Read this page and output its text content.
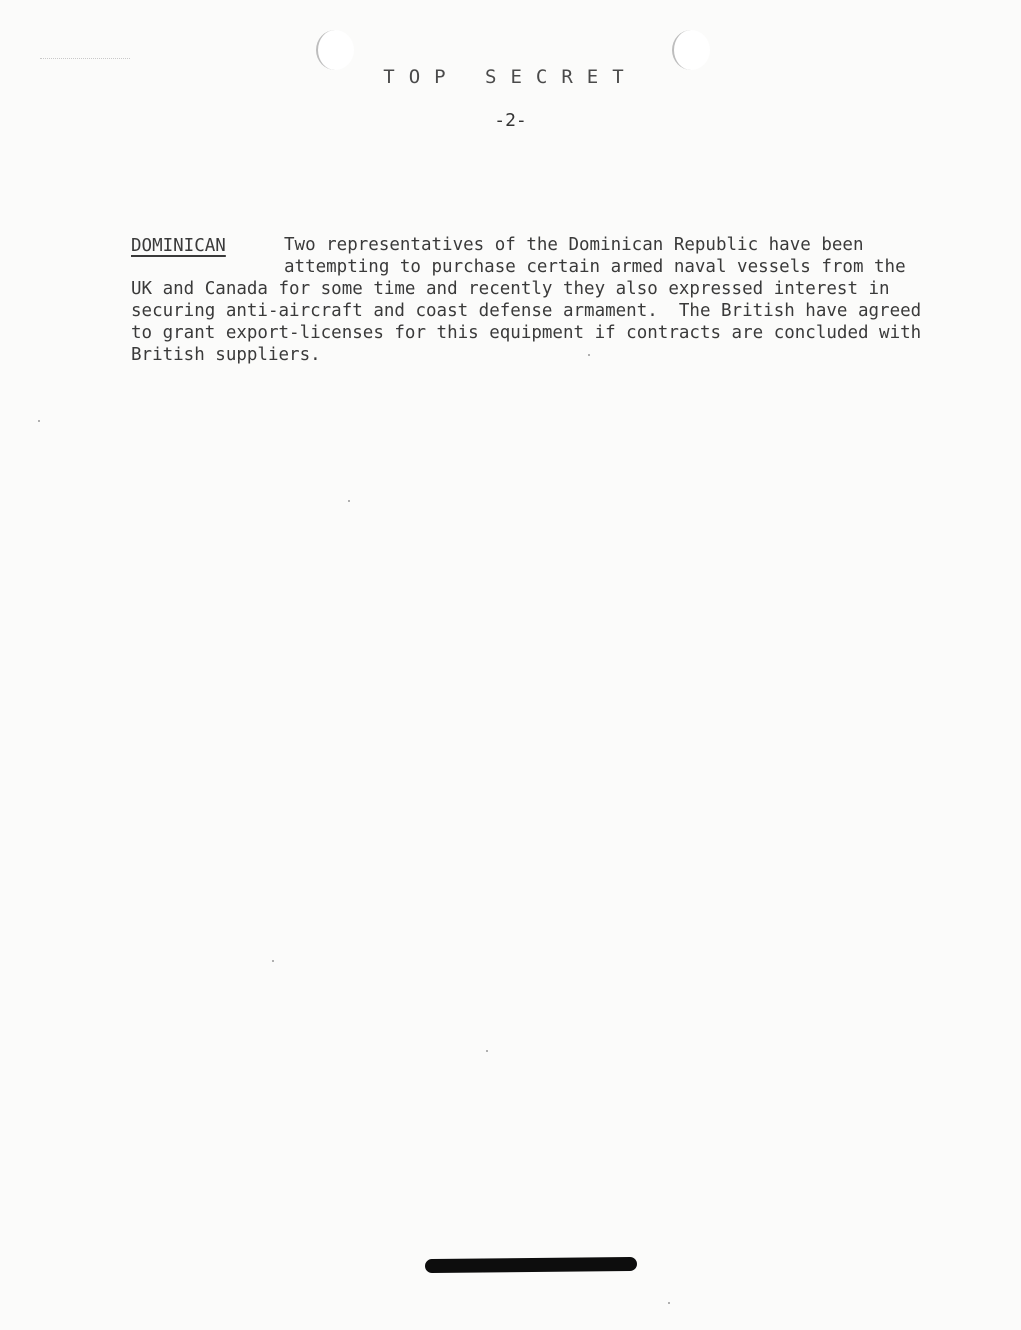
TOP SECRET
-2-
DOMINICAN	Two representatives of the Dominican Republic have been
attempting to purchase certain armed naval vessels from the
UK and Canada for some time and recently they also expressed interest in
securing anti-aircraft and coast defense armament.  The British have agreed
to grant export-licenses for this equipment if contracts are concluded with
British suppliers.
